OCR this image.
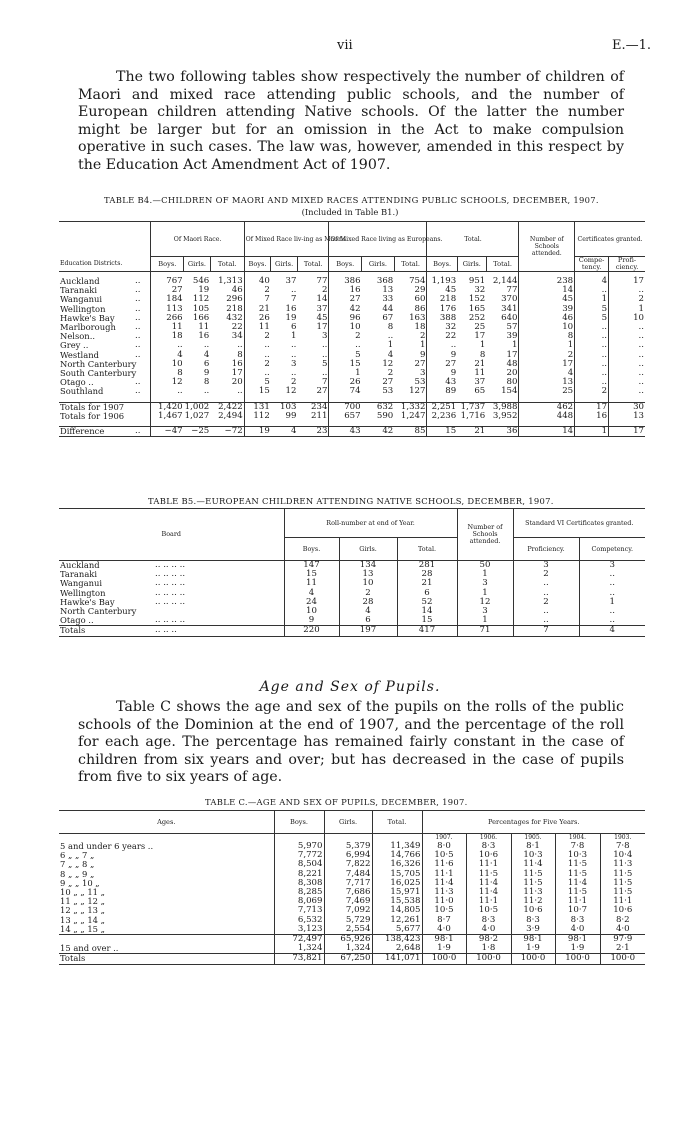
vii	E.—1.
The two following tables show respectively the number of children of Maori and mixed race attending public schools, and the number of European children attending Native schools. Of the latter the number might be larger but for an omission in the Act to make compulsion operative in such cases. The law was, however, amended in this respect by the Education Act Amendment Act of 1907.
TABLE B4.—CHILDREN OF MAORI AND MIXED RACES ATTENDING PUBLIC SCHOOLS, DECEMBER, 1907.
(Included in Table B1.)
Education Districts.		Of Maori Race.			Of Mixed Race liv-ing as Maoris.			Of Mixed Race living as Europeans.			Total.			Number of Schools attended.	Certificates granted.	
		Boys.	Girls.	Total.	Boys.	Girls.	Total.	Boys.	Girls.	Total.	Boys.	Girls.	Total.		Compe-tency.	Profi-ciency.

Auckland	..	767	546	1,313	40	37	77	386	368	754	1,193	951	2,144	238	4	17
Taranaki	..	27	19	46	2	..	2	16	13	29	45	32	77	14	..	..
Wanganui	..	184	112	296	7	7	14	27	33	60	218	152	370	45	1	2
Wellington	..	113	105	218	21	16	37	42	44	86	176	165	341	39	5	1
Hawke's Bay	..	266	166	432	26	19	45	96	67	163	388	252	640	46	5	10
Marlborough	..	11	11	22	11	6	17	10	8	18	32	25	57	10	..	..
Nelson..	..	18	16	34	2	1	3	2	..	2	22	17	39	8	..	..
Grey ..	..	..	..	..	..	..	..	..	1	1	..	1	1	1	..	..
Westland	..	4	4	8	..	..	..	5	4	9	9	8	17	2	..	..
North Canterbury		10	6	16	2	3	5	15	12	27	27	21	48	17	..	..
South Canterbury		8	9	17	..	..	..	1	2	3	9	11	20	4	..	..
Otago ..	..	12	8	20	5	2	7	26	27	53	43	37	80	13	..	..
Southland	..	..	..	..	15	12	27	74	53	127	89	65	154	25	2	..

Totals for 1907		1,420	1,002	2,422	131	103	234	700	632	1,332	2,251	1,737	3,988	462	17	30
Totals for 1906		1,467	1,027	2,494	112	99	211	657	590	1,247	2,236	1,716	3,952	448	16	13

Difference	..	−47	−25	−72	19	4	23	43	42	85	15	21	36	14	1	17
TABLE B5.—EUROPEAN CHILDREN ATTENDING NATIVE SCHOOLS, DECEMBER, 1907.
Board		Roll-number at end of Year.			Number of Schools attended.	Standard VI Certificates granted.	
		Boys.	Girls.	Total.		Proficiency.	Competency.

Auckland	.. .. .. ..	147	134	281	50	3	3
Taranaki	.. .. .. ..	15	13	28	1	2	..
Wanganui	.. .. .. ..	11	10	21	3	..	..
Wellington	.. .. .. ..	4	2	6	1	..	..
Hawke's Bay	.. .. .. ..	24	28	52	12	2	1
North Canterbury		10	4	14	3	..	..
Otago ..	.. .. .. ..	9	6	15	1	..	..

Totals	.. .. ..	220	197	417	71	7	4
Age and Sex of Pupils.
Table C shows the age and sex of the pupils on the rolls of the public schools of the Dominion at the end of 1907, and the percentage of the roll for each age. The percentage has remained fairly constant in the case of children from six years and over; but has decreased in the case of pupils from five to six years of age.
TABLE C.—AGE AND SEX OF PUPILS, DECEMBER, 1907.
Ages.	Boys.	Girls.	Total.	Percentages for Five Years.				
				1907.	1906.	1905.	1904.	1903.
5 and under 6 years ..	5,970	5,379	11,349	8·0	8·3	8·1	7·8	7·8
6 „ „ 7 „	7,772	6,994	14,766	10·5	10·6	10·3	10·3	10·4
7 „ „ 8 „	8,504	7,822	16,326	11·6	11·1	11·4	11·5	11·3
8 „ „ 9 „	8,221	7,484	15,705	11·1	11·5	11·5	11·5	11·5
9 „ „ 10 „	8,308	7,717	16,025	11·4	11·4	11·5	11·4	11·5
10 „ „ 11 „	8,285	7,686	15,971	11·3	11·4	11·3	11·5	11·5
11 „ „ 12 „	8,069	7,469	15,538	11·0	11·1	11·2	11·1	11·1
12 „ „ 13 „	7,713	7,092	14,805	10·5	10·5	10·6	10·7	10·6
13 „ „ 14 „	6,532	5,729	12,261	8·7	8·3	8·3	8·3	8·2
14 „ „ 15 „	3,123	2,554	5,677	4·0	4·0	3·9	4·0	4·0
	72,497	65,926	138,423	98·1	98·2	98·1	98·1	97·9
15 and over ..	1,324	1,324	2,648	1·9	1·8	1·9	1·9	2·1

Totals	73,821	67,250	141,071	100·0	100·0	100·0	100·0	100·0
